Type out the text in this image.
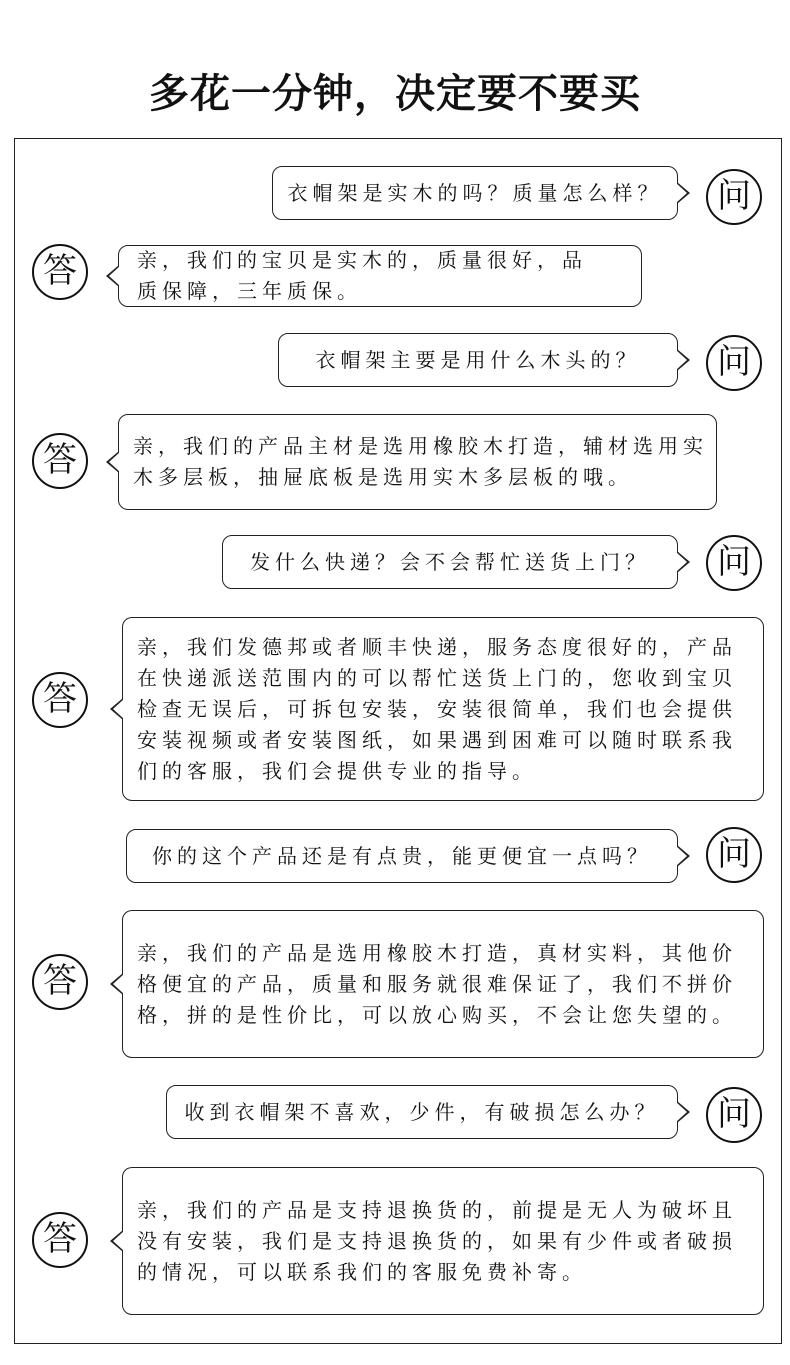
多花一分钟，决定要不要买
衣帽架是实木的吗？质量怎么样？	问
答	亲，我们的宝贝是实木的，质量很好，品质保障，三年质保。
衣帽架主要是用什么木头的？	问
答	亲，我们的产品主材是选用橡胶木打造，辅材选用实木多层板，抽屉底板是选用实木多层板的哦。
发什么快递？会不会帮忙送货上门？	问
答
亲，我们发德邦或者顺丰快递，服务态度很好的，产品在快递派送范围内的可以帮忙送货上门的，您收到宝贝检查无误后，可拆包安装，安装很简单，我们也会提供安装视频或者安装图纸，如果遇到困难可以随时联系我们的客服，我们会提供专业的指导。
你的这个产品还是有点贵，能更便宜一点吗？	问
答
亲，我们的产品是选用橡胶木打造，真材实料，其他价格便宜的产品，质量和服务就很难保证了，我们不拼价格，拼的是性价比，可以放心购买，不会让您失望的。
收到衣帽架不喜欢，少件，有破损怎么办？	问
答
亲，我们的产品是支持退换货的，前提是无人为破坏且没有安装，我们是支持退换货的，如果有少件或者破损的情况，可以联系我们的客服免费补寄。
